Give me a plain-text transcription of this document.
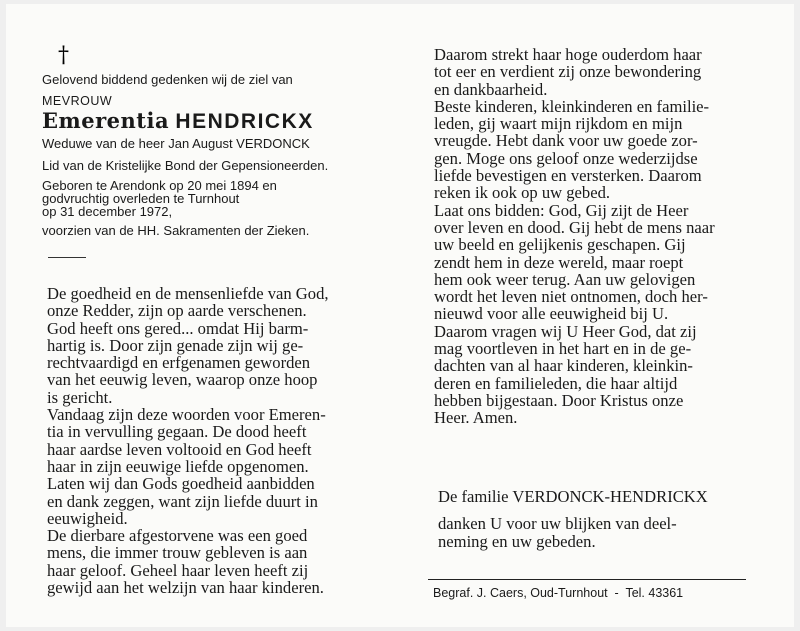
†
Gelovend biddend gedenken wij de ziel van
MEVROUW
Emerentia HENDRICKX
Weduwe van de heer Jan August VERDONCK
Lid van de Kristelijke Bond der Gepensioneerden.
Geboren te Arendonk op 20 mei 1894 en
godvruchtig overleden te Turnhout
op 31 december 1972,
voorzien van de HH. Sakramenten der Zieken.
De goedheid en de mensenliefde van God,
onze Redder, zijn op aarde verschenen.
God heeft ons gered... omdat Hij barm-
hartig is. Door zijn genade zijn wij ge-
rechtvaardigd en erfgenamen geworden
van het eeuwig leven, waarop onze hoop
is gericht.
Vandaag zijn deze woorden voor Emeren-
tia in vervulling gegaan. De dood heeft
haar aardse leven voltooid en God heeft
haar in zijn eeuwige liefde opgenomen.
Laten wij dan Gods goedheid aanbidden
en dank zeggen, want zijn liefde duurt in
eeuwigheid.
De dierbare afgestorvene was een goed
mens, die immer trouw gebleven is aan
haar geloof. Geheel haar leven heeft zij
gewijd aan het welzijn van haar kinderen.
Daarom strekt haar hoge ouderdom haar
tot eer en verdient zij onze bewondering
en dankbaarheid.
Beste kinderen, kleinkinderen en familie-
leden, gij waart mijn rijkdom en mijn
vreugde. Hebt dank voor uw goede zor-
gen. Moge ons geloof onze wederzijdse
liefde bevestigen en versterken. Daarom
reken ik ook op uw gebed.
Laat ons bidden: God, Gij zijt de Heer
over leven en dood. Gij hebt de mens naar
uw beeld en gelijkenis geschapen. Gij
zendt hem in deze wereld, maar roept
hem ook weer terug. Aan uw gelovigen
wordt het leven niet ontnomen, doch her-
nieuwd voor alle eeuwigheid bij U.
Daarom vragen wij U Heer God, dat zij
mag voortleven in het hart en in de ge-
dachten van al haar kinderen, kleinkin-
deren en familieleden, die haar altijd
hebben bijgestaan. Door Kristus onze
Heer. Amen.
De familie VERDONCK-HENDRICKX
danken U voor uw blijken van deel-
neming en uw gebeden.
Begraf. J. Caers, Oud-Turnhout  -  Tel. 43361
